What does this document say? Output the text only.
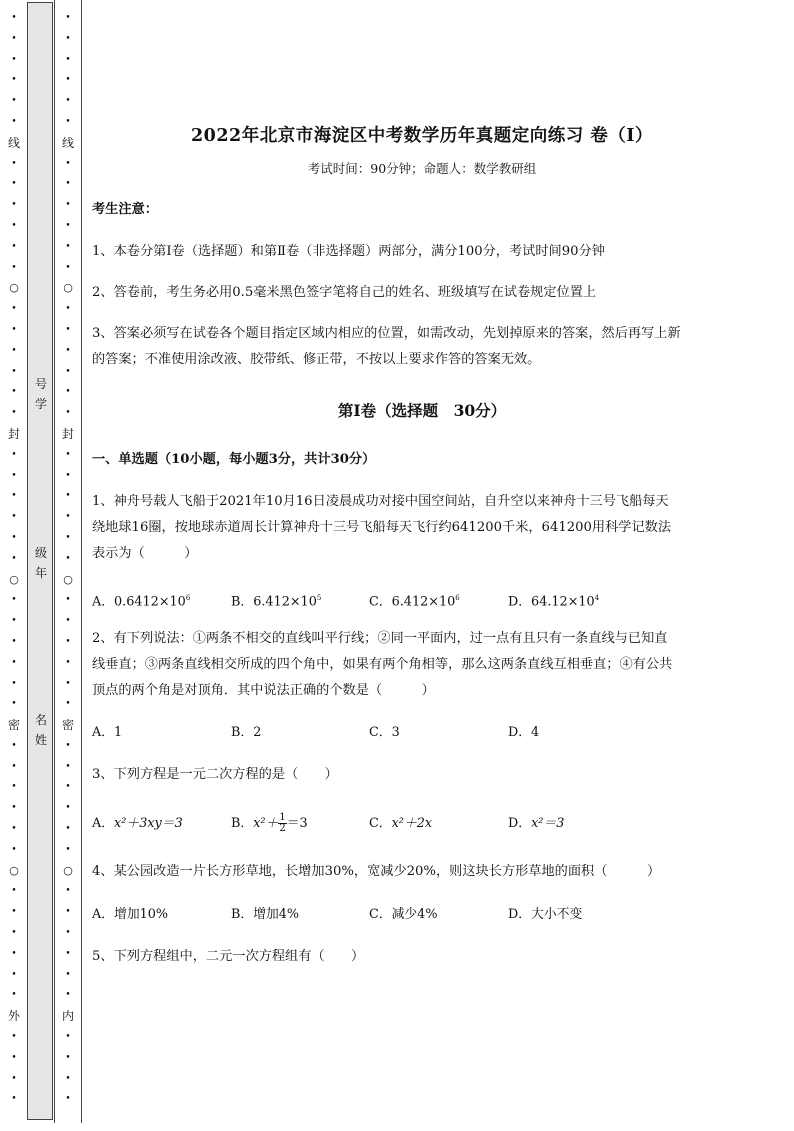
•
•
•
•
•
•
线
•
•
•
•
•
•
○
•
•
•
•
•
•
封
•
•
•
•
•
•
○
•
•
•
•
•
•
密
•
•
•
•
•
•
○
•
•
•
•
•
•
外
•
•
•
•
号
学
级
年
名
姓
•
•
•
•
•
•
线
•
•
•
•
•
•
○
•
•
•
•
•
•
封
•
•
•
•
•
•
○
•
•
•
•
•
•
密
•
•
•
•
•
•
○
•
•
•
•
•
•
内
•
•
•
•
2022年北京市海淀区中考数学历年真题定向练习 卷（Ⅰ）
考试时间：90分钟；命题人：数学教研组
考生注意：
1、本卷分第Ⅰ卷（选择题）和第Ⅱ卷（非选择题）两部分，满分100分，考试时间90分钟
2、答卷前，考生务必用0.5毫米黑色签字笔将自己的姓名、班级填写在试卷规定位置上
3、答案必须写在试卷各个题目指定区域内相应的位置，如需改动，先划掉原来的答案，然后再写上新
的答案；不准使用涂改液、胶带纸、修正带，不按以上要求作答的答案无效。
第Ⅰ卷（选择题　30分）
一、单选题（10小题，每小题3分，共计30分）
1、神舟号载人飞船于2021年10月16日凌晨成功对接中国空间站，自升空以来神舟十三号飞船每天
绕地球16圈，按地球赤道周长计算神舟十三号飞船每天飞行约641200千米，641200用科学记数法
表示为（　　　）
A．$0.6412\times 10^6$	B．$6.412\times 10^5$	C．$6.412\times 10^6$	D．$64.12\times 10^4$
2、有下列说法：①两条不相交的直线叫平行线；②同一平面内，过一点有且只有一条直线与已知直
线垂直；③两条直线相交所成的四个角中，如果有两个角相等，那么这两条直线互相垂直；④有公共
顶点的两个角是对顶角．其中说法正确的个数是（　　　）
A．1	B．2	C．3	D．4
3、下列方程是一元二次方程的是（　　）
A．x²＋3xy＝3	B．$x^2+ \frac{1}{2} =3$	C．x²＋2x	D．x²＝3
4、某公园改造一片长方形草地，长增加30%，宽减少20%，则这块长方形草地的面积（　　　）
A．增加10%	B．增加4%	C．减少4%	D．大小不变
5、下列方程组中，二元一次方程组有（　　）
